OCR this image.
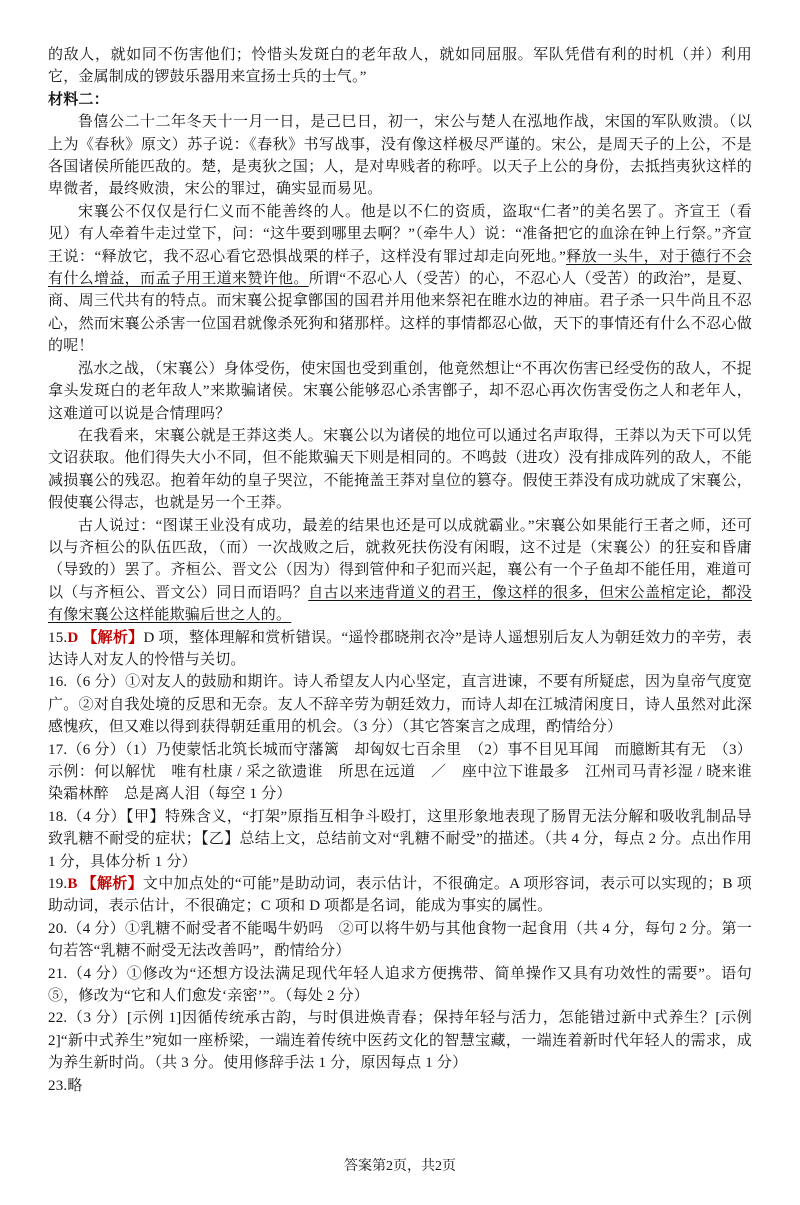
的敌人，就如同不伤害他们；怜惜头发斑白的老年敌人，就如同屈服。军队凭借有利的时机（并）利用它，金属制成的锣鼓乐器用来宣扬士兵的士气。”

材料二：

鲁僖公二十二年冬天十一月一日，是己巳日，初一，宋公与楚人在泓地作战，宋国的军队败溃。（以上为《春秋》原文）苏子说：《春秋》书写战事，没有像这样极尽严谨的。宋公，是周天子的上公，不是各国诸侯所能匹敌的。楚，是夷狄之国；人，是对卑贱者的称呼。以天子上公的身份，去抵挡夷狄这样的卑微者，最终败溃，宋公的罪过，确实显而易见。

宋襄公不仅仅是行仁义而不能善终的人。他是以不仁的资质，盗取“仁者”的美名罢了。齐宣王（看见）有人牵着牛走过堂下，问：“这牛要到哪里去啊？”（牵牛人）说：“准备把它的血涂在钟上行祭。”齐宣王说：“释放它，我不忍心看它恐惧战栗的样子，这样没有罪过却走向死地。”释放一头牛，对于德行不会有什么增益，而孟子用王道来赞许他。所谓“不忍心人（受苦）的心，不忍心人（受苦）的政治”，是夏、商、周三代共有的特点。而宋襄公捉拿鄫国的国君并用他来祭祀在睢水边的神庙。君子杀一只牛尚且不忍心，然而宋襄公杀害一位国君就像杀死狗和猪那样。这样的事情都忍心做，天下的事情还有什么不忍心做的呢！

泓水之战，（宋襄公）身体受伤，使宋国也受到重创，他竟然想让“不再次伤害已经受伤的敌人，不捉拿头发斑白的老年敌人”来欺骗诸侯。宋襄公能够忍心杀害鄫子，却不忍心再次伤害受伤之人和老年人，这难道可以说是合情理吗？

在我看来，宋襄公就是王莽这类人。宋襄公以为诸侯的地位可以通过名声取得，王莽以为天下可以凭文诏获取。他们得失大小不同，但不能欺骗天下则是相同的。不鸣鼓（进攻）没有排成阵列的敌人，不能减损襄公的残忍。抱着年幼的皇子哭泣，不能掩盖王莽对皇位的篡夺。假使王莽没有成功就成了宋襄公，假使襄公得志，也就是另一个王莽。

古人说过：“图谋王业没有成功，最差的结果也还是可以成就霸业。”宋襄公如果能行王者之师，还可以与齐桓公的队伍匹敌，（而）一次战败之后，就救死扶伤没有闲暇，这不过是（宋襄公）的狂妄和昏庸（导致的）罢了。齐桓公、晋文公（因为）得到管仲和子犯而兴起，襄公有一个子鱼却不能任用，难道可以（与齐桓公、晋文公）同日而语吗？自古以来违背道义的君王，像这样的很多，但宋公盖棺定论，都没有像宋襄公这样能欺骗后世之人的。

15.D 【解析】D 项，整体理解和赏析错误。“遥怜郡晓荆衣冷”是诗人遥想别后友人为朝廷效力的辛劳，表达诗人对友人的怜惜与关切。

16.（6 分）①对友人的鼓励和期许。诗人希望友人内心坚定，直言进谏，不要有所疑虑，因为皇帝气度宽广。②对自我处境的反思和无奈。友人不辞辛劳为朝廷效力，而诗人却在江城清闲度日，诗人虽然对此深感愧疚，但又难以得到获得朝廷重用的机会。（3 分）（其它答案言之成理，酌情给分）

17.（6 分）（1）乃使蒙恬北筑长城而守藩篱　却匈奴七百余里　（2）事不目见耳闻　而臆断其有无　（3）示例：何以解忧　唯有杜康 / 采之欲遗谁　所思在远道　／　座中泣下谁最多　江州司马青衫湿 / 晓来谁染霜林醉　总是离人泪（每空 1 分）

18.（4 分）【甲】特殊含义，“打架”原指互相争斗殴打，这里形象地表现了肠胃无法分解和吸收乳制品导致乳糖不耐受的症状；【乙】总结上文，总结前文对“乳糖不耐受”的描述。（共 4 分，每点 2 分。点出作用 1 分，具体分析 1 分）

19.B 【解析】文中加点处的“可能”是助动词，表示估计，不很确定。A 项形容词，表示可以实现的；B 项助动词，表示估计，不很确定；C 项和 D 项都是名词，能成为事实的属性。

20.（4 分）①乳糖不耐受者不能喝牛奶吗　②可以将牛奶与其他食物一起食用（共 4 分，每句 2 分。第一句若答“乳糖不耐受无法改善吗”，酌情给分）

21.（4 分）①修改为“还想方设法满足现代年轻人追求方便携带、简单操作又具有功效性的需要”。语句⑤，修改为“它和人们愈发‘亲密’”。（每处 2 分）

22.（3 分）[示例 1]因循传统承古韵，与时俱进焕青春；保持年轻与活力，怎能错过新中式养生？[示例 2]“新中式养生”宛如一座桥梁，一端连着传统中医药文化的智慧宝藏，一端连着新时代年轻人的需求，成为养生新时尚。（共 3 分。使用修辞手法 1 分，原因每点 1 分）

23.略

答案第2页，共2页
